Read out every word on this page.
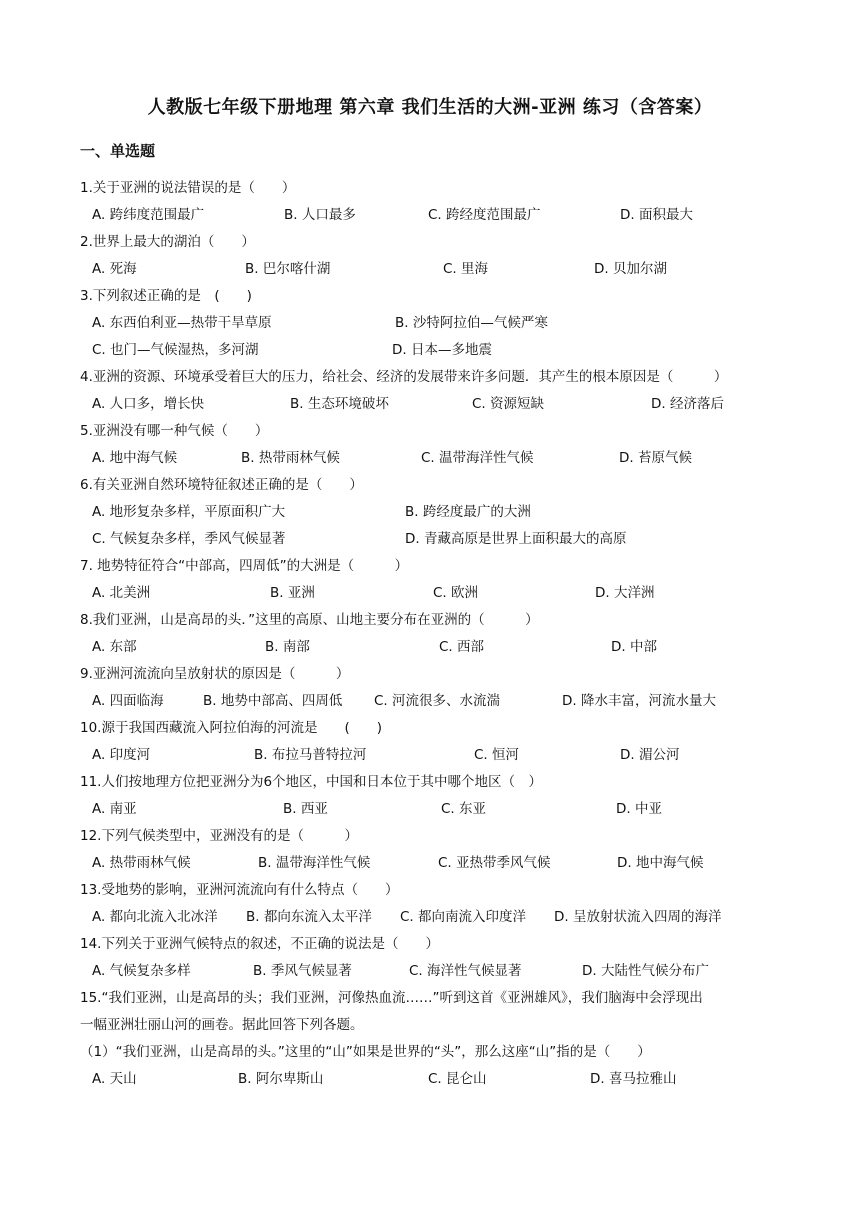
人教版七年级下册地理 第六章 我们生活的大洲-亚洲 练习（含答案）
一、单选题
1.关于亚洲的说法错误的是（　　）
A. 跨纬度范围最广	B. 人口最多	C. 跨经度范围最广	D. 面积最大
2.世界上最大的湖泊（　　）
A. 死海	B. 巴尔喀什湖	C. 里海	D. 贝加尔湖
3.下列叙述正确的是　(　　)
A. 东西伯利亚—热带干旱草原	B. 沙特阿拉伯—气候严寒
C. 也门—气候湿热，多河湖	D. 日本—多地震
4.亚洲的资源、环境承受着巨大的压力，给社会、经济的发展带来许多问题．其产生的根本原因是（　　　）
A. 人口多，增长快	B. 生态环境破坏	C. 资源短缺	D. 经济落后
5.亚洲没有哪一种气候（　　）
A. 地中海气候	B. 热带雨林气候	C. 温带海洋性气候	D. 苔原气候
6.有关亚洲自然环境特征叙述正确的是（　　）
A. 地形复杂多样，平原面积广大	B. 跨经度最广的大洲
C. 气候复杂多样，季风气候显著	D. 青藏高原是世界上面积最大的高原
7. 地势特征符合“中部高，四周低”的大洲是（　　　）
A. 北美洲	B. 亚洲	C. 欧洲	D. 大洋洲
8.我们亚洲，山是高昂的头．”这里的高原、山地主要分布在亚洲的（　　　）
A. 东部	B. 南部	C. 西部	D. 中部
9.亚洲河流流向呈放射状的原因是（　　　）
A. 四面临海	B. 地势中部高、四周低 C. 河流很多、水流湍	D. 降水丰富，河流水量大
10.源于我国西藏流入阿拉伯海的河流是　　(　　)
A. 印度河	B. 布拉马普特拉河	C. 恒河	D. 湄公河
11.人们按地理方位把亚洲分为6个地区，中国和日本位于其中哪个地区（　）
A. 南亚	B. 西亚	C. 东亚	D. 中亚
12.下列气候类型中，亚洲没有的是（　　　）
A. 热带雨林气候	B. 温带海洋性气候	C. 亚热带季风气候	D. 地中海气候
13.受地势的影响，亚洲河流流向有什么特点（　　）
A. 都向北流入北冰洋 B. 都向东流入太平洋 C. 都向南流入印度洋 D. 呈放射状流入四周的海洋
14.下列关于亚洲气候特点的叙述，不正确的说法是（　　）
A. 气候复杂多样	B. 季风气候显著	C. 海洋性气候显著	D. 大陆性气候分布广
15.“我们亚洲，山是高昂的头；我们亚洲，河像热血流……”听到这首《亚洲雄风》，我们脑海中会浮现出
一幅亚洲壮丽山河的画卷。据此回答下列各题。
（1）“我们亚洲，山是高昂的头。”这里的“山”如果是世界的“头”，那么这座“山”指的是（　　）
A. 天山	B. 阿尔卑斯山	C. 昆仑山	D. 喜马拉雅山
